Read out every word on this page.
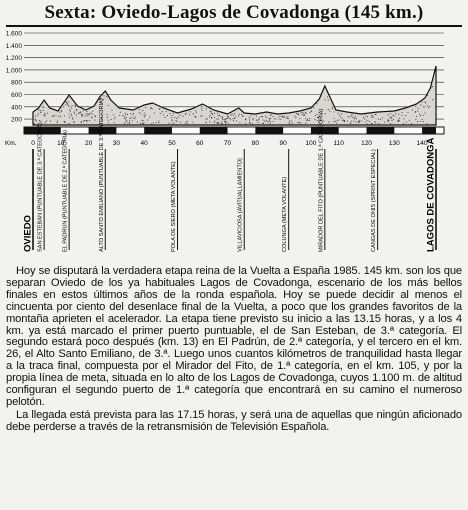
Sexta: Oviedo-Lagos de Covadonga (145 km.)
1.600
1.400
1.200
1.000
800
600
400
200
Km. 0	10	20	30	40	50	60	70	80	90	100	110	120	130	140
OVIEDO SAN ESTEBAN (PUNTUABLE DE 3.ª CATEGORIA)	EL PADRUN (PUNTUABLE DE 2.ª CATEGORIA)	ALTO SANTO EMILIANO (PUNTUABLE DE 3.ª CATEGORIA)	POLA DE SIERO (META VOLANTE)	VILLAVICIOSA (AVITUALLAMIENTO)	COLUNGA (META VOLANTE)	MIRADOR DEL FITO (PUNTUABLE DE 1.ª CATEGORIA)	CANGAS DE ONIS (SPRINT ESPECIAL)	LAGOS DE COVADONGA

Hoy se disputará la verdadera etapa reina de la Vuelta a España 1985. 145 km. son los que separan Oviedo de los ya habituales Lagos de Covadonga, escenario de los más bellos finales en estos últimos años de la ronda española. Hoy se puede decidir al menos el cincuenta por ciento del desenlace final de la Vuelta, a poco que los grandes favoritos de la montaña aprieten el acelerador. La etapa tiene previsto su inicio a las 13.15 horas, y a los 4 km. ya está marcado el primer puerto puntuable, el de San Esteban, de 3.ª categoría. El segundo estará poco después (km. 13) en El Padrún, de 2.ª categoría, y el tercero en el km. 26, el Alto Santo Emiliano, de 3.ª. Luego unos cuantos kilómetros de tranquilidad hasta llegar a la traca final, compuesta por el Mirador del Fito, de 1.ª categoría, en el km. 105, y por la propia línea de meta, situada en lo alto de los Lagos de Covadonga, cuyos 1.100 m. de altitud configuran el segundo puerto de 1.ª categoría que encontrará en su camino el numeroso pelotón.

La llegada está prevista para las 17.15 horas, y será una de aquellas que ningún aficionado debe perderse a través de la retransmisión de Televisión Española.
